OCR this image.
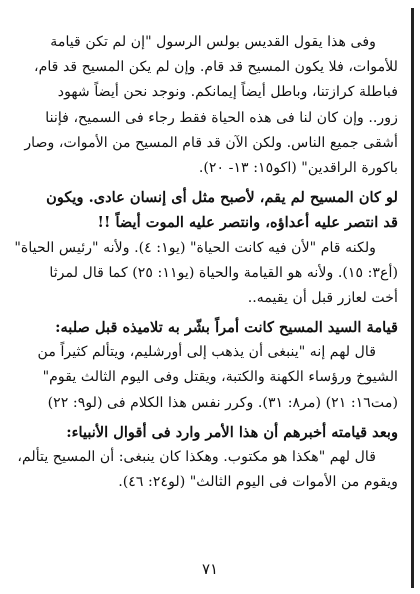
وفى هذا يقول القديس بولس الرسول "إن لم تكن قيامة
للأموات، فلا يكون المسيح قد قام. وإن لم يكن المسيح قد قام،
فباطلة كرازتنا، وباطل أيضاً إيمانكم. ونوجد نحن أيضاً شهود
زور.. وإن كان لنا فى هذه الحياة فقط رجاء فى السميح، فإننا
أشقى جميع الناس. ولكن الآن قد قام المسيح من الأموات، وصار
باكورة الراقدين" (اكو١٥: ١٣- ٢٠).
لو كان المسيح لم يقم، لأصبح مثل أى إنسان عادى. ويكون
قد انتصر عليه أعداؤه، وانتصر عليه الموت أيضاً !!
ولكنه قام "لأن فيه كانت الحياة" (يو١: ٤). ولأنه "رئيس الحياة"
(أع٣: ١٥). ولأنه هو القيامة والحياة (يو١١: ٢٥) كما قال لمرثا
أخت لعازر قبل أن يقيمه..
قيامة السيد المسيح كانت أمراً بشّر به تلاميذه قبل صلبه:
قال لهم إنه "ينبغى أن يذهب إلى أورشليم، ويتألم كثيراً من
الشيوخ ورؤساء الكهنة والكتبة، ويقتل وفى اليوم الثالث يقوم"
(مت١٦: ٢١) (مر٨: ٣١). وكرر نفس هذا الكلام فى (لو٩: ٢٢)
وبعد قيامته أخبرهم أن هذا الأمر وارد فى أقوال الأنبياء:
قال لهم "هكذا هو مكتوب. وهكذا كان ينبغى: أن المسيح يتألم،
ويقوم من الأموات فى اليوم الثالث" (لو٢٤: ٤٦).
٧١
